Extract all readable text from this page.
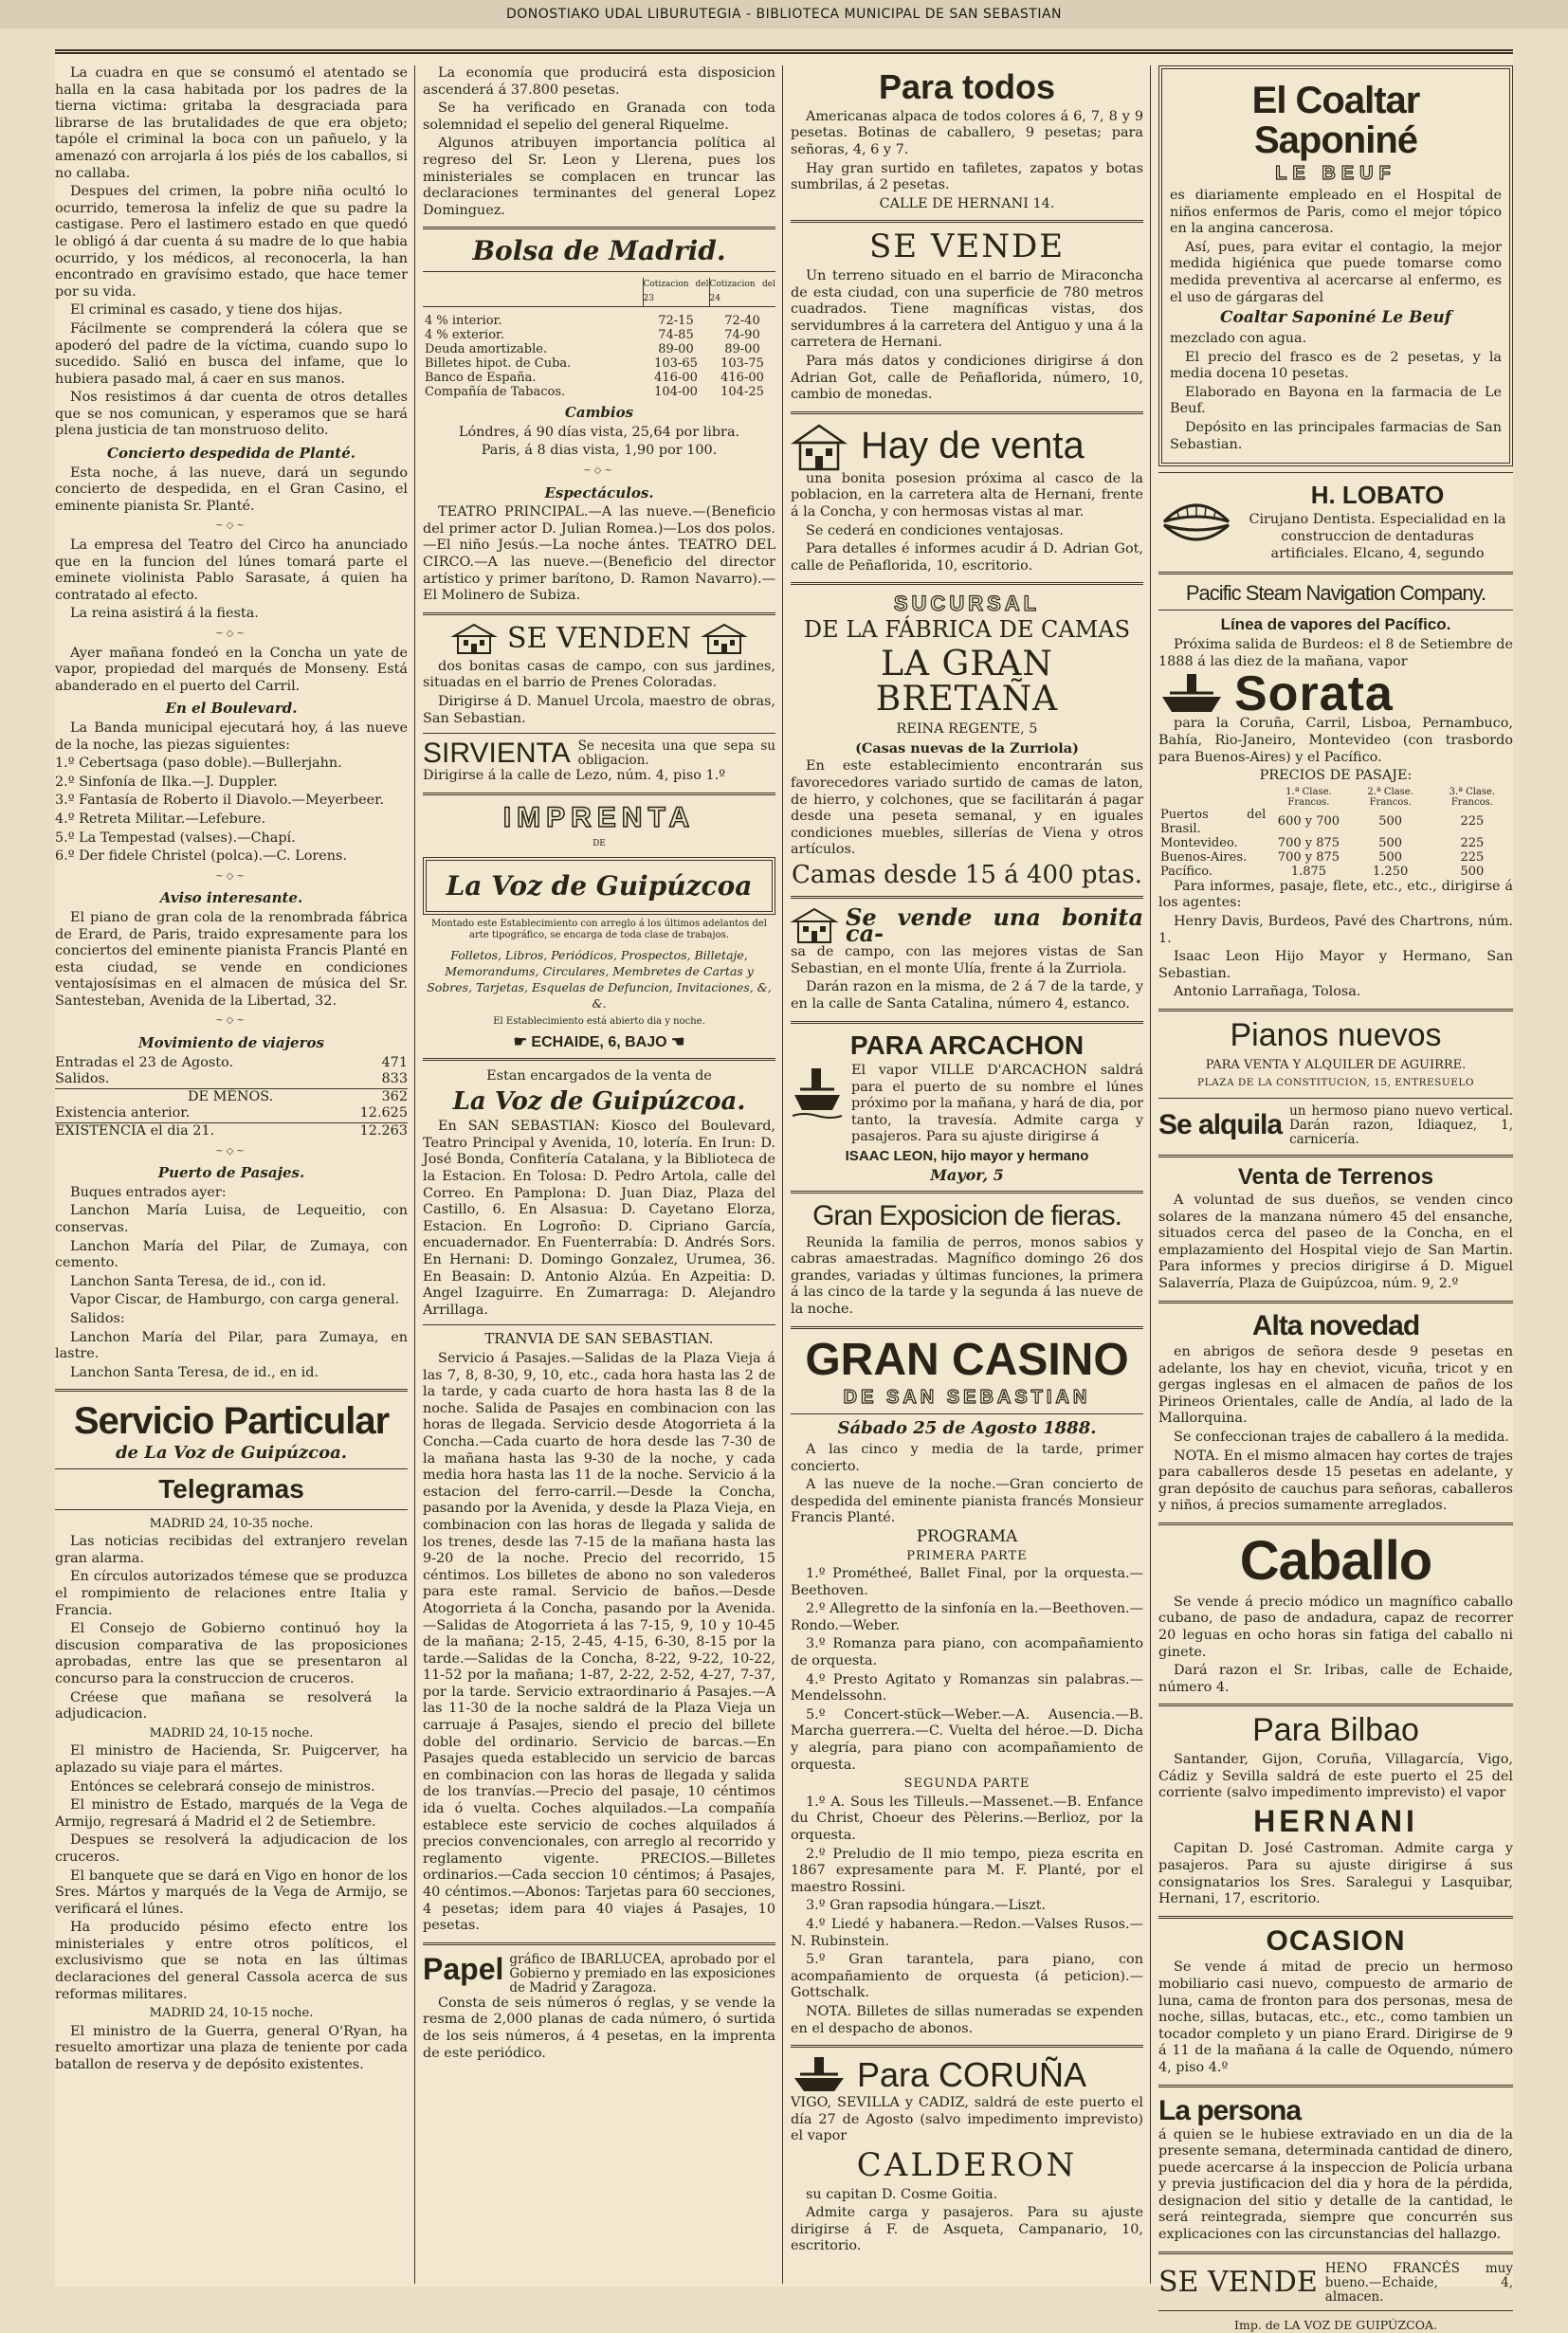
DONOSTIAKO UDAL LIBURUTEGIA - BIBLIOTECA MUNICIPAL DE SAN SEBASTIAN

La cuadra en que se consumó el atentado se halla en la casa habitada por los padres de la tierna victima: gritaba la desgraciada para librarse de las brutalidades de que era objeto; tapóle el criminal la boca con un pañuelo, y la amenazó con arrojarla á los piés de los caballos, si no callaba.

Despues del crimen, la pobre niña ocultó lo ocurrido, temerosa la infeliz de que su padre la castigase. Pero el lastimero estado en que quedó le obligó á dar cuenta á su madre de lo que habia ocurrido, y los médicos, al reconocerla, la han encontrado en gravísimo estado, que hace temer por su vida.

El criminal es casado, y tiene dos hijas.

Fácilmente se comprenderá la cólera que se apoderó del padre de la víctima, cuando supo lo sucedido. Salió en busca del infame, que lo hubiera pasado mal, á caer en sus manos.

Nos resistimos á dar cuenta de otros detalles que se nos comunican, y esperamos que se hará plena justicia de tan monstruoso delito.

Concierto despedida de Planté.

Esta noche, á las nueve, dará un segundo concierto de despedida, en el Gran Casino, el eminente pianista Sr. Planté.

~◇~

La empresa del Teatro del Circo ha anunciado que en la funcion del lúnes tomará parte el eminete violinista Pablo Sarasate, á quien ha contratado al efecto.

La reina asistirá á la fiesta.

~◇~

Ayer mañana fondeó en la Concha un yate de vapor, propiedad del marqués de Monseny. Está abanderado en el puerto del Carril.

En el Boulevard.

La Banda municipal ejecutará hoy, á las nueve de la noche, las piezas siguientes:

1.º Cebertsaga (paso doble).—Bullerjahn.

2.º Sinfonía de Ilka.—J. Duppler.

3.º Fantasía de Roberto il Diavolo.—Meyerbeer.

4.º Retreta Militar.—Lefebure.

5.º La Tempestad (valses).—Chapí.

6.º Der fidele Christel (polca).—C. Lorens.

~◇~
Aviso interesante.

El piano de gran cola de la renombrada fábrica de Erard, de Paris, traido expresamente para los conciertos del eminente pianista Francis Planté en esta ciudad, se vende en condiciones ventajosísimas en el almacen de música del Sr. Santesteban, Avenida de la Libertad, 32.

~◇~
Movimiento de viajeros
Entradas el 23 de Agosto.	471
Salidos.	833
DE MÉNOS.	362
Existencia anterior.	12.625
EXISTENCIA el dia 21.	12.263
~◇~
Puerto de Pasajes.

Buques entrados ayer:

Lanchon María Luisa, de Lequeitio, con conservas.

Lanchon María del Pilar, de Zumaya, con cemento.

Lanchon Santa Teresa, de id., con id.

Vapor Ciscar, de Hamburgo, con carga general.

Salidos:

Lanchon María del Pilar, para Zumaya, en lastre.

Lanchon Santa Teresa, de id., en id.

Servicio Particular
de La Voz de Guipúzcoa.
Telegramas

MADRID 24, 10-35 noche.

Las noticias recibidas del extranjero revelan gran alarma.

En círculos autorizados témese que se produzca el rompimiento de relaciones entre Italia y Francia.

El Consejo de Gobierno continuó hoy la discusion comparativa de las proposiciones aprobadas, entre las que se presentaron al concurso para la construccion de cruceros.

Créese que mañana se resolverá la adjudicacion.

MADRID 24, 10-15 noche.

El ministro de Hacienda, Sr. Puigcerver, ha aplazado su viaje para el mártes.

Entónces se celebrará consejo de ministros.

El ministro de Estado, marqués de la Vega de Armijo, regresará á Madrid el 2 de Setiembre.

Despues se resolverá la adjudicacion de los cruceros.

El banquete que se dará en Vigo en honor de los Sres. Mártos y marqués de la Vega de Armijo, se verificará el lúnes.

Ha producido pésimo efecto entre los ministeriales y entre otros políticos, el exclusivismo que se nota en las últimas declaraciones del general Cassola acerca de sus reformas militares.

MADRID 24, 10-15 noche.

El ministro de la Guerra, general O'Ryan, ha resuelto amortizar una plaza de teniente por cada batallon de reserva y de depósito existentes.

La economía que producirá esta disposicion ascenderá á 37.800 pesetas.

Se ha verificado en Granada con toda solemnidad el sepelio del general Riquelme.

Algunos atribuyen importancia política al regreso del Sr. Leon y Llerena, pues los ministeriales se complacen en truncar las declaraciones terminantes del general Lopez Dominguez.

Bolsa de Madrid.
	Cotizacion del 23	Cotizacion del 24

4 % interior.	72-15	72-40
4 % exterior.	74-85	74-90
Deuda amortizable.	89-00	89-00
Billetes hipot. de Cuba.	103-65	103-75
Banco de España.	416-00	416-00
Compañía de Tabacos.	104-00	104-25
Cambios

Lóndres, á 90 días vista, 25,64 por libra.

Paris, á 8 dias vista, 1,90 por 100.

~◇~
Espectáculos.

TEATRO PRINCIPAL.—A las nueve.—(Beneficio del primer actor D. Julian Romea.)—Los dos polos.—El niño Jesús.—La noche ántes. TEATRO DEL CIRCO.—A las nueve.—(Beneficio del director artístico y primer barítono, D. Ramon Navarro).—El Molinero de Subiza.

SE VENDEN

dos bonitas casas de campo, con sus jardines, situadas en el barrio de Prenes Coloradas.

Dirigirse á D. Manuel Urcola, maestro de obras, San Sebastian.

SIRVIENTA Se necesita una que sepa su obligacion.

Dirigirse á la calle de Lezo, núm. 4, piso 1.º

IMPRENTA
DE
La Voz de Guipúzcoa

Montado este Establecimiento con arreglo á los últimos adelantos del arte tipográfico, se encarga de toda clase de trabajos.

Folletos, Libros, Periódicos, Prospectos, Billetaje, Memorandums, Circulares, Membretes de Cartas y Sobres, Tarjetas, Esquelas de Defuncion, Invitaciones, &, &.

El Establecimiento está abierto dia y noche.

☛ ECHAIDE, 6, BAJO ☚

Estan encargados de la venta de

La Voz de Guipúzcoa.

En SAN SEBASTIAN: Kiosco del Boulevard, Teatro Principal y Avenida, 10, lotería. En Irun: D. José Bonda, Confitería Catalana, y la Biblioteca de la Estacion. En Tolosa: D. Pedro Artola, calle del Correo. En Pamplona: D. Juan Diaz, Plaza del Castillo, 6. En Alsasua: D. Cayetano Elorza, Estacion. En Logroño: D. Cipriano García, encuadernador. En Fuenterrabía: D. Andrés Sors. En Hernani: D. Domingo Gonzalez, Urumea, 36. En Beasain: D. Antonio Alzúa. En Azpeitia: D. Angel Izaguirre. En Zumarraga: D. Alejandro Arrillaga.

TRANVIA DE SAN SEBASTIAN.

Servicio á Pasajes.—Salidas de la Plaza Vieja á las 7, 8, 8-30, 9, 10, etc., cada hora hasta las 2 de la tarde, y cada cuarto de hora hasta las 8 de la noche. Salida de Pasajes en combinacion con las horas de llegada. Servicio desde Atogorrieta á la Concha.—Cada cuarto de hora desde las 7-30 de la mañana hasta las 9-30 de la noche, y cada media hora hasta las 11 de la noche. Servicio á la estacion del ferro-carril.—Desde la Concha, pasando por la Avenida, y desde la Plaza Vieja, en combinacion con las horas de llegada y salida de los trenes, desde las 7-15 de la mañana hasta las 9-20 de la noche. Precio del recorrido, 15 céntimos. Los billetes de abono no son valederos para este ramal. Servicio de baños.—Desde Atogorrieta á la Concha, pasando por la Avenida.—Salidas de Atogorrieta á las 7-15, 9, 10 y 10-45 de la mañana; 2-15, 2-45, 4-15, 6-30, 8-15 por la tarde.—Salidas de la Concha, 8-22, 9-22, 10-22, 11-52 por la mañana; 1-87, 2-22, 2-52, 4-27, 7-37, por la tarde. Servicio extraordinario á Pasajes.—A las 11-30 de la noche saldrá de la Plaza Vieja un carruaje á Pasajes, siendo el precio del billete doble del ordinario. Servicio de barcas.—En Pasajes queda establecido un servicio de barcas en combinacion con las horas de llegada y salida de los tranvías.—Precio del pasaje, 10 céntimos ida ó vuelta. Coches alquilados.—La compañía establece este servicio de coches alquilados á precios convencionales, con arreglo al recorrido y reglamento vigente. PRECIOS.—Billetes ordinarios.—Cada seccion 10 céntimos; á Pasajes, 40 céntimos.—Abonos: Tarjetas para 60 secciones, 4 pesetas; idem para 40 viajes á Pasajes, 10 pesetas.

Papel gráfico de IBARLUCEA, aprobado por el Gobierno y premiado en las exposiciones de Madrid y Zaragoza.

Consta de seis números ó reglas, y se vende la resma de 2,000 planas de cada número, ó surtida de los seis números, á 4 pesetas, en la imprenta de este periódico.

Para todos

Americanas alpaca de todos colores á 6, 7, 8 y 9 pesetas. Botinas de caballero, 9 pesetas; para señoras, 4, 6 y 7.

Hay gran surtido en tafiletes, zapatos y botas sumbrilas, á 2 pesetas.

CALLE DE HERNANI 14.

SE VENDE

Un terreno situado en el barrio de Miraconcha de esta ciudad, con una superficie de 780 metros cuadrados. Tiene magníficas vistas, dos servidumbres á la carretera del Antiguo y una á la carretera de Hernani.

Para más datos y condiciones dirigirse á don Adrian Got, calle de Peñaflorida, número, 10, cambio de monedas.

Hay de venta

una bonita posesion próxima al casco de la poblacion, en la carretera alta de Hernani, frente á la Concha, y con hermosas vistas al mar.

Se cederá en condiciones ventajosas.

Para detalles é informes acudir á D. Adrian Got, calle de Peñaflorida, 10, escritorio.

SUCURSAL
DE LA FÁBRICA DE CAMAS
LA GRAN BRETAÑA

REINA REGENTE, 5

(Casas nuevas de la Zurriola)

En este establecimiento encontrarán sus favorecedores variado surtido de camas de laton, de hierro, y colchones, que se facilitarán á pagar desde una peseta semanal, y en iguales condiciones muebles, sillerías de Viena y otros artículos.

Camas desde 15 á 400 ptas.
Se vende una bonita ca-

sa de campo, con las mejores vistas de San Sebastian, en el monte Ulía, frente á la Zurriola.

Darán razon en la misma, de 2 á 7 de la tarde, y en la calle de Santa Catalina, número 4, estanco.

PARA ARCACHON

El vapor VILLE D'ARCACHON saldrá para el puerto de su nombre el lúnes próximo por la mañana, y hará de dia, por tanto, la travesía. Admite carga y pasajeros. Para su ajuste dirigirse á

ISAAC LEON, hijo mayor y hermano

Mayor, 5

Gran Exposicion de fieras.

Reunida la familia de perros, monos sabios y cabras amaestradas. Magnífico domingo 26 dos grandes, variadas y últimas funciones, la primera á las cinco de la tarde y la segunda á las nueve de la noche.

GRAN CASINO
DE SAN SEBASTIAN
Sábado 25 de Agosto 1888.

A las cinco y media de la tarde, primer concierto.

A las nueve de la noche.—Gran concierto de despedida del eminente pianista francés Monsieur Francis Planté.

PROGRAMA

PRIMERA PARTE

1.º Prométheé, Ballet Final, por la orquesta.—Beethoven.

2.º Allegretto de la sinfonía en la.—Beethoven.—Rondo.—Weber.

3.º Romanza para piano, con acompañamiento de orquesta.

4.º Presto Agitato y Romanzas sin palabras.—Mendelssohn.

5.º Concert-stück—Weber.—A. Ausencia.—B. Marcha guerrera.—C. Vuelta del héroe.—D. Dicha y alegría, para piano con acompañamiento de orquesta.

SEGUNDA PARTE

1.º A. Sous les Tilleuls.—Massenet.—B. Enfance du Christ, Choeur des Pèlerins.—Berlioz, por la orquesta.

2.º Preludio de Il mio tempo, pieza escrita en 1867 expresamente para M. F. Planté, por el maestro Rossini.

3.º Gran rapsodia húngara.—Liszt.

4.º Liedé y habanera.—Redon.—Valses Rusos.—N. Rubinstein.

5.º Gran tarantela, para piano, con acompañamiento de orquesta (á peticion).—Gottschalk.

NOTA. Billetes de sillas numeradas se expenden en el despacho de abonos.

Para CORUÑA

VIGO, SEVILLA y CADIZ, saldrá de este puerto el día 27 de Agosto (salvo impedimento imprevisto) el vapor

CALDERON

su capitan D. Cosme Goitia.

Admite carga y pasajeros. Para su ajuste dirigirse á F. de Asqueta, Campanario, 10, escritorio.

El Coaltar Saponiné
LE BEUF

es diariamente empleado en el Hospital de niños enfermos de Paris, como el mejor tópico en la angina cancerosa.

Así, pues, para evitar el contagio, la mejor medida higiénica que puede tomarse como medida preventiva al acercarse al enfermo, es el uso de gárgaras del

Coaltar Saponiné Le Beuf

mezclado con agua.

El precio del frasco es de 2 pesetas, y la media docena 10 pesetas.

Elaborado en Bayona en la farmacia de Le Beuf.

Depósito en las principales farmacias de San Sebastian.

H. LOBATO

Cirujano Dentista. Especialidad en la construccion de dentaduras artificiales. Elcano, 4, segundo

Pacific Steam Navigation Company.
Línea de vapores del Pacífico.

Próxima salida de Burdeos: el 8 de Setiembre de 1888 á las diez de la mañana, vapor

Sorata

para la Coruña, Carril, Lisboa, Pernambuco, Bahía, Rio-Janeiro, Montevideo (con trasbordo para Buenos-Aires) y el Pacífico.

PRECIOS DE PASAJE:

	1.ª Clase. Francos.	2.ª Clase. Francos.	3.ª Clase. Francos.
Puertos del Brasil.	600 y 700	500	225
Montevideo.	700 y 875	500	225
Buenos-Aires.	700 y 875	500	225
Pacífico.	1.875	1.250	500

Para informes, pasaje, flete, etc., etc., dirigirse á los agentes:

Henry Davis, Burdeos, Pavé des Chartrons, núm. 1.

Isaac Leon Hijo Mayor y Hermano, San Sebastian.

Antonio Larrañaga, Tolosa.

Pianos nuevos

PARA VENTA Y ALQUILER DE AGUIRRE.

PLAZA DE LA CONSTITUCION, 15, ENTRESUELO

Se alquila un hermoso piano nuevo vertical. Darán razon, Idiaquez, 1, carnicería.
Venta de Terrenos

A voluntad de sus dueños, se venden cinco solares de la manzana número 45 del ensanche, situados cerca del paseo de la Concha, en el emplazamiento del Hospital viejo de San Martin. Para informes y precios dirigirse á D. Miguel Salaverría, Plaza de Guipúzcoa, núm. 9, 2.º

Alta novedad

en abrigos de señora desde 9 pesetas en adelante, los hay en cheviot, vicuña, tricot y en gergas inglesas en el almacen de paños de los Pirineos Orientales, calle de Andía, al lado de la Mallorquina.

Se confeccionan trajes de caballero á la medida.

NOTA. En el mismo almacen hay cortes de trajes para caballeros desde 15 pesetas en adelante, y gran depósito de cauchus para señoras, caballeros y niños, á precios sumamente arreglados.

Caballo

Se vende á precio módico un magnífico caballo cubano, de paso de andadura, capaz de recorrer 20 leguas en ocho horas sin fatiga del caballo ni ginete.

Dará razon el Sr. Iribas, calle de Echaide, número 4.

Para Bilbao

Santander, Gijon, Coruña, Villagarcía, Vigo, Cádiz y Sevilla saldrá de este puerto el 25 del corriente (salvo impedimento imprevisto) el vapor

HERNANI

Capitan D. José Castroman. Admite carga y pasajeros. Para su ajuste dirigirse á sus consignatarios los Sres. Saralegui y Lasquibar, Hernani, 17, escritorio.

OCASION

Se vende á mitad de precio un hermoso mobiliario casi nuevo, compuesto de armario de luna, cama de fronton para dos personas, mesa de noche, sillas, butacas, etc., etc., como tambien un tocador completo y un piano Erard. Dirigirse de 9 á 11 de la mañana á la calle de Oquendo, número 4, piso 4.º

La persona

á quien se le hubiese extraviado en un dia de la presente semana, determinada cantidad de dinero, puede acercarse á la inspeccion de Policía urbana y previa justificacion del dia y hora de la pérdida, designacion del sitio y detalle de la cantidad, le será reintegrada, siempre que concurrén sus explicaciones con las circunstancias del hallazgo.

SE VENDE HENO FRANCÉS muy bueno.—Echaide, 4, almacen.

Imp. de LA VOZ DE GUIPÚZCOA.
